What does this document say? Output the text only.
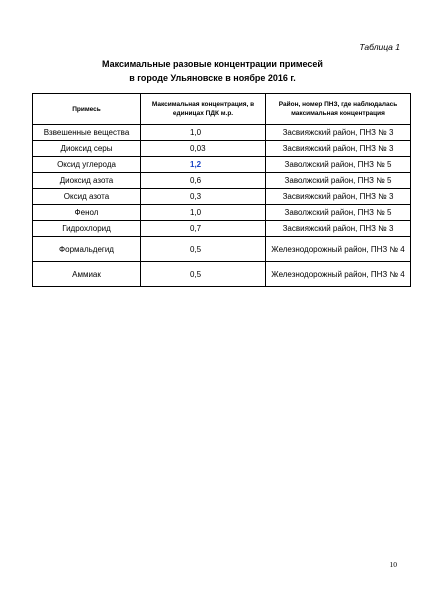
Таблица 1
Максимальные разовые концентрации примесей
в городе Ульяновске в ноябре 2016 г.
Примесь	Максимальная концентрация, в единицах ПДК м.р.	Район, номер ПНЗ, где наблюдалась максимальная концентрация
Взвешенные вещества	1,0	Засвияжский район, ПНЗ № 3
Диоксид серы	0,03	Засвияжский район, ПНЗ № 3
Оксид углерода	1,2	Заволжский район, ПНЗ № 5
Диоксид азота	0,6	Заволжский район, ПНЗ № 5
Оксид азота	0,3	Засвияжский район, ПНЗ № 3
Фенол	1,0	Заволжский район, ПНЗ № 5
Гидрохлорид	0,7	Засвияжский район, ПНЗ № 3
Формальдегид	0,5	Железнодорожный район, ПНЗ № 4
Аммиак	0,5	Железнодорожный район, ПНЗ № 4
10
